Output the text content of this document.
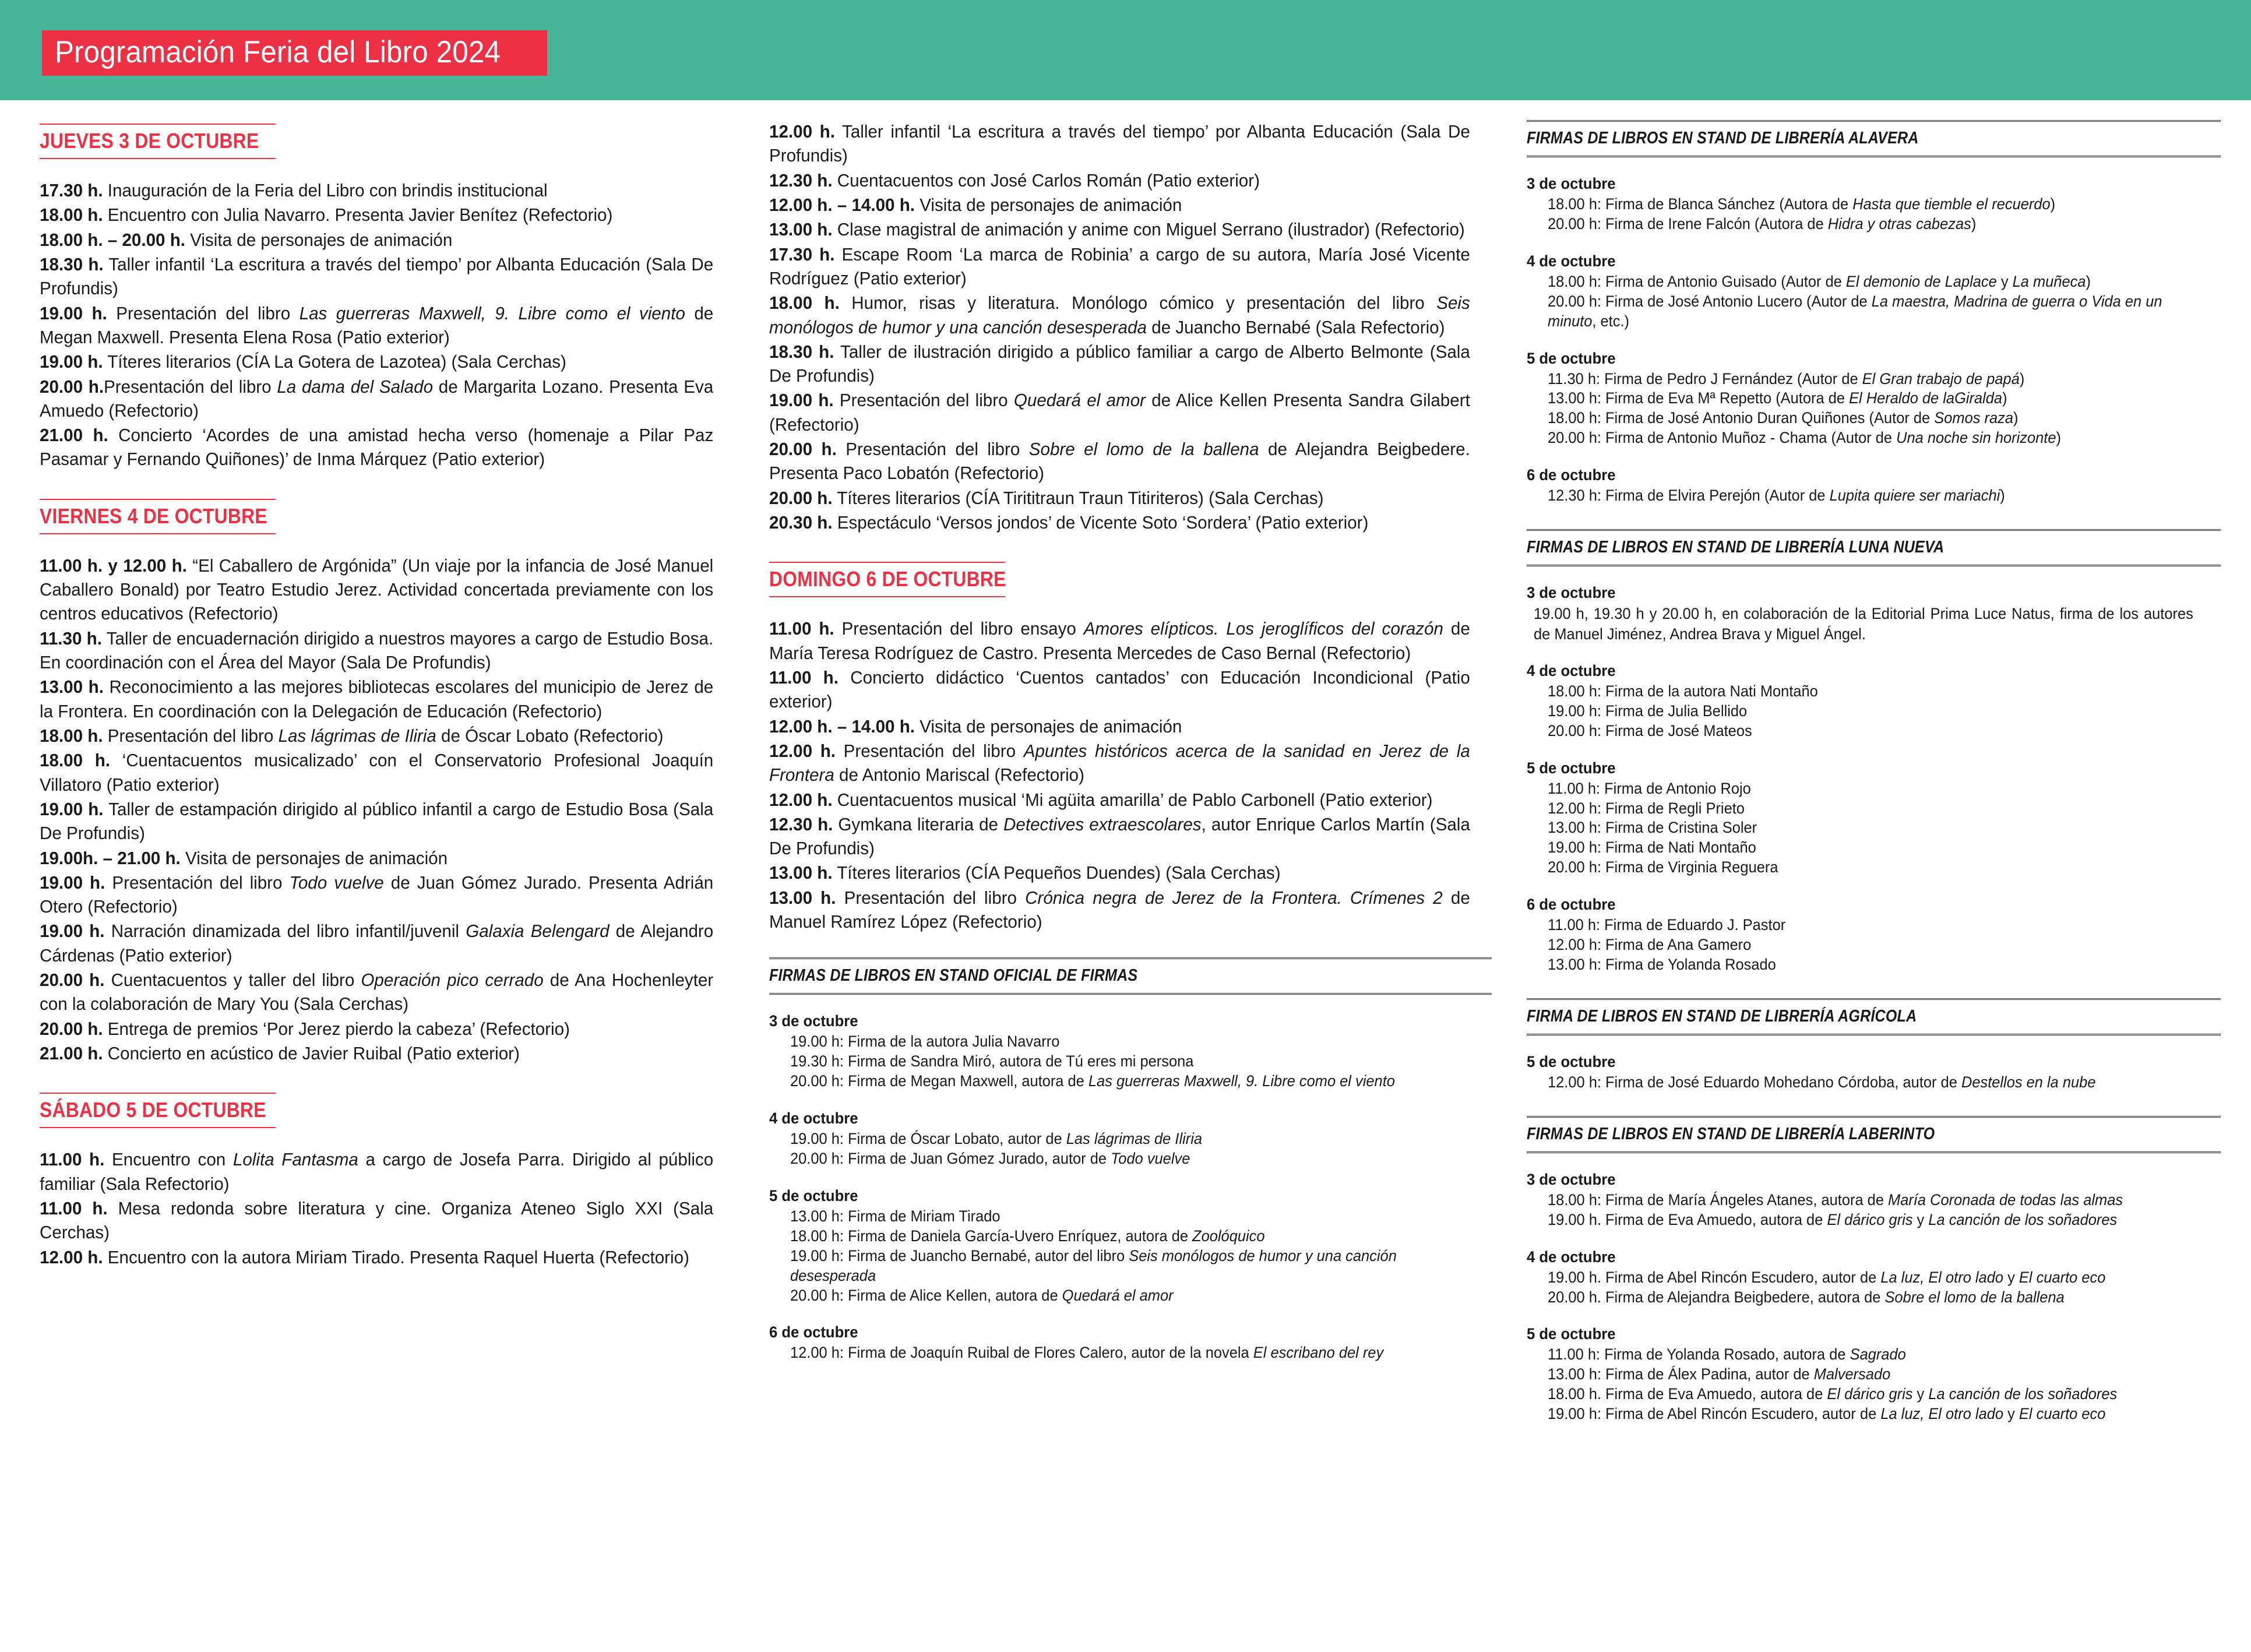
Programación Feria del Libro 2024
JUEVES 3 DE OCTUBRE

17.30 h. Inauguración de la Feria del Libro con brindis institucional

18.00 h. Encuentro con Julia Navarro. Presenta Javier Benítez (Refectorio)

18.00 h. – 20.00 h. Visita de personajes de animación

18.30 h. Taller infantil ‘La escritura a través del tiempo’ por Albanta Educación (Sala De Profundis)

19.00 h. Presentación del libro Las guerreras Maxwell, 9. Libre como el viento de Megan Maxwell. Presenta Elena Rosa (Patio exterior)

19.00 h. Títeres literarios (CÍA La Gotera de Lazotea) (Sala Cerchas)

20.00 h.Presentación del libro La dama del Salado de Margarita Lozano. Presenta Eva Amuedo (Refectorio)

21.00 h. Concierto ‘Acordes de una amistad hecha verso (homenaje a Pilar Paz Pasamar y Fernando Quiñones)’ de Inma Márquez (Patio exterior)

VIERNES 4 DE OCTUBRE

11.00 h. y 12.00 h. “El Caballero de Argónida” (Un viaje por la infancia de José Manuel Caballero Bonald) por Teatro Estudio Jerez. Actividad concertada previamente con los centros educativos (Refectorio)

11.30 h. Taller de encuadernación dirigido a nuestros mayores a cargo de Estudio Bosa. En coordinación con el Área del Mayor (Sala De Profundis)

13.00 h. Reconocimiento a las mejores bibliotecas escolares del municipio de Jerez de la Frontera. En coordinación con la Delegación de Educación (Refectorio)

18.00 h. Presentación del libro Las lágrimas de Iliria de Óscar Lobato (Refectorio)

18.00 h. ‘Cuentacuentos musicalizado’ con el Conservatorio Profesional Joaquín Villatoro (Patio exterior)

19.00 h. Taller de estampación dirigido al público infantil a cargo de Estudio Bosa (Sala De Profundis)

19.00h. – 21.00 h. Visita de personajes de animación

19.00 h. Presentación del libro Todo vuelve de Juan Gómez Jurado. Presenta Adrián Otero (Refectorio)

19.00 h. Narración dinamizada del libro infantil/juvenil Galaxia Belengard de Alejandro Cárdenas (Patio exterior)

20.00 h. Cuentacuentos y taller del libro Operación pico cerrado de Ana Hochenleyter con la colaboración de Mary You (Sala Cerchas)

20.00 h. Entrega de premios ‘Por Jerez pierdo la cabeza’ (Refectorio)

21.00 h. Concierto en acústico de Javier Ruibal (Patio exterior)

SÁBADO 5 DE OCTUBRE

11.00 h. Encuentro con Lolita Fantasma a cargo de Josefa Parra. Dirigido al público familiar (Sala Refectorio)

11.00 h. Mesa redonda sobre literatura y cine. Organiza Ateneo Siglo XXI (Sala Cerchas)

12.00 h. Encuentro con la autora Miriam Tirado. Presenta Raquel Huerta (Refectorio)

12.00 h. Taller infantil ‘La escritura a través del tiempo’ por Albanta Educación (Sala De Profundis)

12.30 h. Cuentacuentos con José Carlos Román (Patio exterior)

12.00 h. – 14.00 h. Visita de personajes de animación

13.00 h. Clase magistral de animación y anime con Miguel Serrano (ilustrador) (Refectorio)

17.30 h. Escape Room ‘La marca de Robinia’ a cargo de su autora, María José Vicente Rodríguez (Patio exterior)

18.00 h. Humor, risas y literatura. Monólogo cómico y presentación del libro Seis monólogos de humor y una canción desesperada de Juancho Bernabé (Sala Refectorio)

18.30 h. Taller de ilustración dirigido a público familiar a cargo de Alberto Belmonte (Sala De Profundis)

19.00 h. Presentación del libro Quedará el amor de Alice Kellen Presenta Sandra Gilabert (Refectorio)

20.00 h. Presentación del libro Sobre el lomo de la ballena de Alejandra Beigbedere. Presenta Paco Lobatón (Refectorio)

20.00 h. Títeres literarios (CÍA Tirititraun Traun Titiriteros) (Sala Cerchas)

20.30 h. Espectáculo ‘Versos jondos’ de Vicente Soto ‘Sordera’ (Patio exterior)

DOMINGO 6 DE OCTUBRE

11.00 h. Presentación del libro ensayo Amores elípticos. Los jeroglíficos del corazón de María Teresa Rodríguez de Castro. Presenta Mercedes de Caso Bernal (Refectorio)

11.00 h. Concierto didáctico ‘Cuentos cantados’ con Educación Incondicional (Patio exterior)

12.00 h. – 14.00 h. Visita de personajes de animación

12.00 h. Presentación del libro Apuntes históricos acerca de la sanidad en Jerez de la Frontera de Antonio Mariscal (Refectorio)

12.00 h. Cuentacuentos musical ‘Mi agüita amarilla’ de Pablo Carbonell (Patio exterior)

12.30 h. Gymkana literaria de Detectives extraescolares, autor Enrique Carlos Martín (Sala De Profundis)

13.00 h. Títeres literarios (CÍA Pequeños Duendes) (Sala Cerchas)

13.00 h. Presentación del libro Crónica negra de Jerez de la Frontera. Crímenes 2 de Manuel Ramírez López (Refectorio)

FIRMAS DE LIBROS EN STAND OFICIAL DE FIRMAS
3 de octubre
19.00 h: Firma de la autora Julia Navarro
19.30 h: Firma de Sandra Miró, autora de Tú eres mi persona
20.00 h: Firma de Megan Maxwell, autora de Las guerreras Maxwell, 9. Libre como el viento
4 de octubre
19.00 h: Firma de Óscar Lobato, autor de Las lágrimas de Iliria
20.00 h: Firma de Juan Gómez Jurado, autor de Todo vuelve
5 de octubre
13.00 h: Firma de Miriam Tirado
18.00 h: Firma de Daniela García-Uvero Enríquez, autora de Zoolóquico
19.00 h: Firma de Juancho Bernabé, autor del libro Seis monólogos de humor y una canción desesperada
20.00 h: Firma de Alice Kellen, autora de Quedará el amor
6 de octubre
12.00 h: Firma de Joaquín Ruibal de Flores Calero, autor de la novela El escribano del rey
FIRMAS DE LIBROS EN STAND DE LIBRERÍA ALAVERA
3 de octubre
18.00 h: Firma de Blanca Sánchez (Autora de Hasta que tiemble el recuerdo)
20.00 h: Firma de Irene Falcón (Autora de Hidra y otras cabezas)
4 de octubre
18.00 h: Firma de Antonio Guisado (Autor de El demonio de Laplace y La muñeca)
20.00 h: Firma de José Antonio Lucero (Autor de La maestra, Madrina de guerra o Vida en un minuto, etc.)
5 de octubre
11.30 h: Firma de Pedro J Fernández (Autor de El Gran trabajo de papá)
13.00 h: Firma de Eva Mª Repetto (Autora de El Heraldo de laGiralda)
18.00 h: Firma de José Antonio Duran Quiñones (Autor de Somos raza)
20.00 h: Firma de Antonio Muñoz - Chama (Autor de Una noche sin horizonte)
6 de octubre
12.30 h: Firma de Elvira Perejón (Autor de Lupita quiere ser mariachi)
FIRMAS DE LIBROS EN STAND DE LIBRERÍA LUNA NUEVA
3 de octubre
19.00 h, 19.30 h y 20.00 h, en colaboración de la Editorial Prima Luce Natus, firma de los autores de Manuel Jiménez, Andrea Brava y Miguel Ángel.
4 de octubre
18.00 h: Firma de la autora Nati Montaño
19.00 h: Firma de Julia Bellido
20.00 h: Firma de José Mateos
5 de octubre
11.00 h: Firma de Antonio Rojo
12.00 h: Firma de Regli Prieto
13.00 h: Firma de Cristina Soler
19.00 h: Firma de Nati Montaño
20.00 h: Firma de Virginia Reguera
6 de octubre
11.00 h: Firma de Eduardo J. Pastor
12.00 h: Firma de Ana Gamero
13.00 h: Firma de Yolanda Rosado
FIRMA DE LIBROS EN STAND DE LIBRERÍA AGRÍCOLA
5 de octubre
12.00 h: Firma de José Eduardo Mohedano Córdoba, autor de Destellos en la nube
FIRMAS DE LIBROS EN STAND DE LIBRERÍA LABERINTO
3 de octubre
18.00 h: Firma de María Ángeles Atanes, autora de María Coronada de todas las almas
19.00 h. Firma de Eva Amuedo, autora de El dárico gris y La canción de los soñadores
4 de octubre
19.00 h. Firma de Abel Rincón Escudero, autor de La luz, El otro lado y El cuarto eco
20.00 h. Firma de Alejandra Beigbedere, autora de Sobre el lomo de la ballena
5 de octubre
11.00 h: Firma de Yolanda Rosado, autora de Sagrado
13.00 h: Firma de Álex Padina, autor de Malversado
18.00 h. Firma de Eva Amuedo, autora de El dárico gris y La canción de los soñadores
19.00 h: Firma de Abel Rincón Escudero, autor de La luz, El otro lado y El cuarto eco
